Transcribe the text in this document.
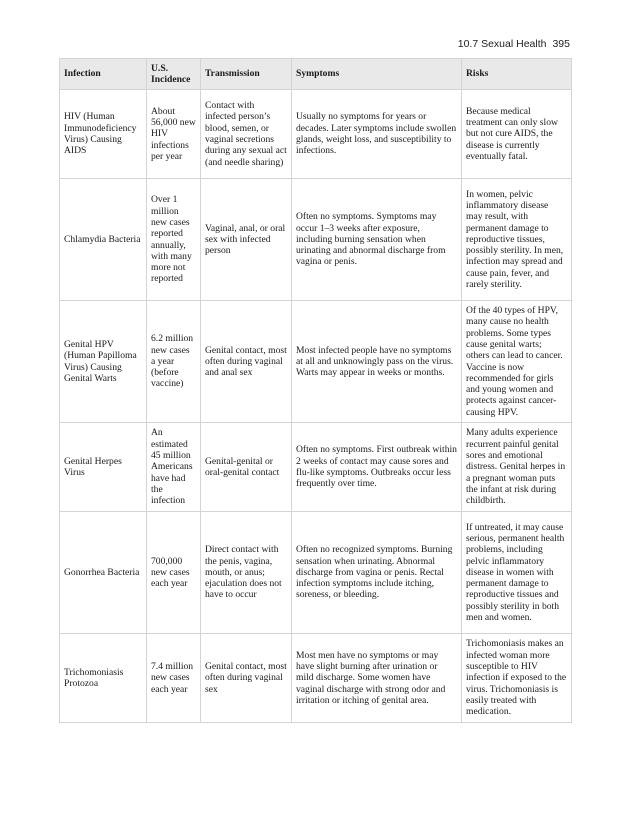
10.7 Sexual Health 395
Infection	U.S. Incidence	Transmission	Symptoms	Risks
HIV (Human Immunodeficiency Virus) Causing AIDS	About 56,000 new HIV infections per year	Contact with infected person’s blood, semen, or vaginal secretions during any sexual act (and needle sharing)	Usually no symptoms for years or decades. Later symptoms include swollen glands, weight loss, and susceptibility to infections.	Because medical treatment can only slow but not cure AIDS, the disease is currently eventually fatal.
Chlamydia Bacteria	Over 1 million new cases reported annually, with many more not reported	Vaginal, anal, or oral sex with infected person	Often no symptoms. Symptoms may occur 1–3 weeks after exposure, including burning sensation when urinating and abnormal discharge from vagina or penis.	In women, pelvic inflammatory disease may result, with permanent damage to reproductive tissues, possibly sterility. In men, infection may spread and cause pain, fever, and rarely sterility.
Genital HPV (Human Papilloma Virus) Causing Genital Warts	6.2 million new cases a year (before vaccine)	Genital contact, most often during vaginal and anal sex	Most infected people have no symptoms at all and unknowingly pass on the virus. Warts may appear in weeks or months.	Of the 40 types of HPV, many cause no health problems. Some types cause genital warts; others can lead to cancer. Vaccine is now recommended for girls and young women and protects against cancer-causing HPV.
Genital Herpes Virus	An estimated 45 million Americans have had the infection	Genital-genital or oral-genital contact	Often no symptoms. First outbreak within 2 weeks of contact may cause sores and flu-like symptoms. Outbreaks occur less frequently over time.	Many adults experience recurrent painful genital sores and emotional distress. Genital herpes in a pregnant woman puts the infant at risk during childbirth.
Gonorrhea Bacteria	700,000 new cases each year	Direct contact with the penis, vagina, mouth, or anus; ejaculation does not have to occur	Often no recognized symptoms. Burning sensation when urinating. Abnormal discharge from vagina or penis. Rectal infection symptoms include itching, soreness, or bleeding.	If untreated, it may cause serious, permanent health problems, including pelvic inflammatory disease in women with permanent damage to reproductive tissues and possibly sterility in both men and women.
Trichomoniasis Protozoa	7.4 million new cases each year	Genital contact, most often during vaginal sex	Most men have no symptoms or may have slight burning after urination or mild discharge. Some women have vaginal discharge with strong odor and irritation or itching of genital area.	Trichomoniasis makes an infected woman more susceptible to HIV infection if exposed to the virus. Trichomoniasis is easily treated with medication.
